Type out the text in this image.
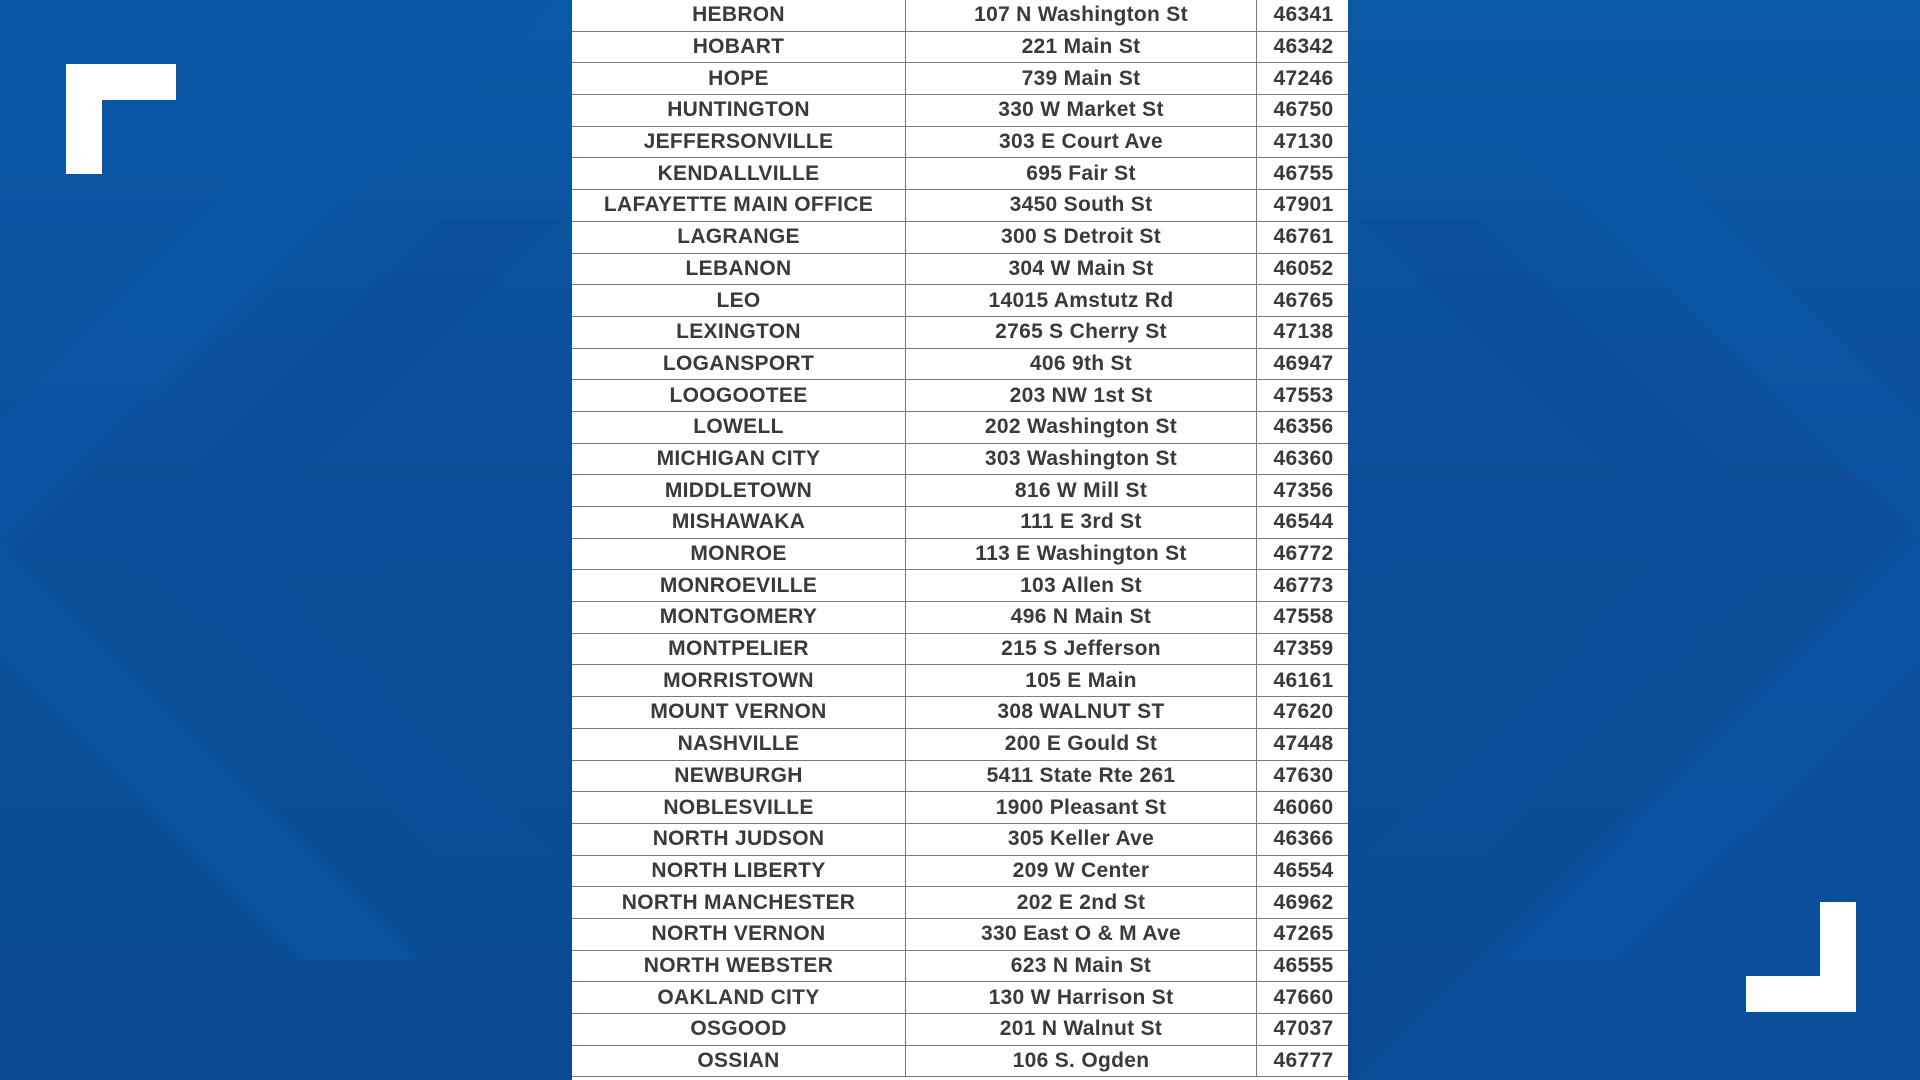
HEBRON	107 N Washington St	46341
HOBART	221 Main St	46342
HOPE	739 Main St	47246
HUNTINGTON	330 W Market St	46750
JEFFERSONVILLE	303 E Court Ave	47130
KENDALLVILLE	695 Fair St	46755
LAFAYETTE MAIN OFFICE	3450 South St	47901
LAGRANGE	300 S Detroit St	46761
LEBANON	304 W Main St	46052
LEO	14015 Amstutz Rd	46765
LEXINGTON	2765 S Cherry St	47138
LOGANSPORT	406 9th St	46947
LOOGOOTEE	203 NW 1st St	47553
LOWELL	202 Washington St	46356
MICHIGAN CITY	303 Washington St	46360
MIDDLETOWN	816 W Mill St	47356
MISHAWAKA	111 E 3rd St	46544
MONROE	113 E Washington St	46772
MONROEVILLE	103 Allen St	46773
MONTGOMERY	496 N Main St	47558
MONTPELIER	215 S Jefferson	47359
MORRISTOWN	105 E Main	46161
MOUNT VERNON	308 WALNUT ST	47620
NASHVILLE	200 E Gould St	47448
NEWBURGH	5411 State Rte 261	47630
NOBLESVILLE	1900 Pleasant St	46060
NORTH JUDSON	305 Keller Ave	46366
NORTH LIBERTY	209 W Center	46554
NORTH MANCHESTER	202 E 2nd St	46962
NORTH VERNON	330 East O & M Ave	47265
NORTH WEBSTER	623 N Main St	46555
OAKLAND CITY	130 W Harrison St	47660
OSGOOD	201 N Walnut St	47037
OSSIAN	106 S. Ogden	46777
